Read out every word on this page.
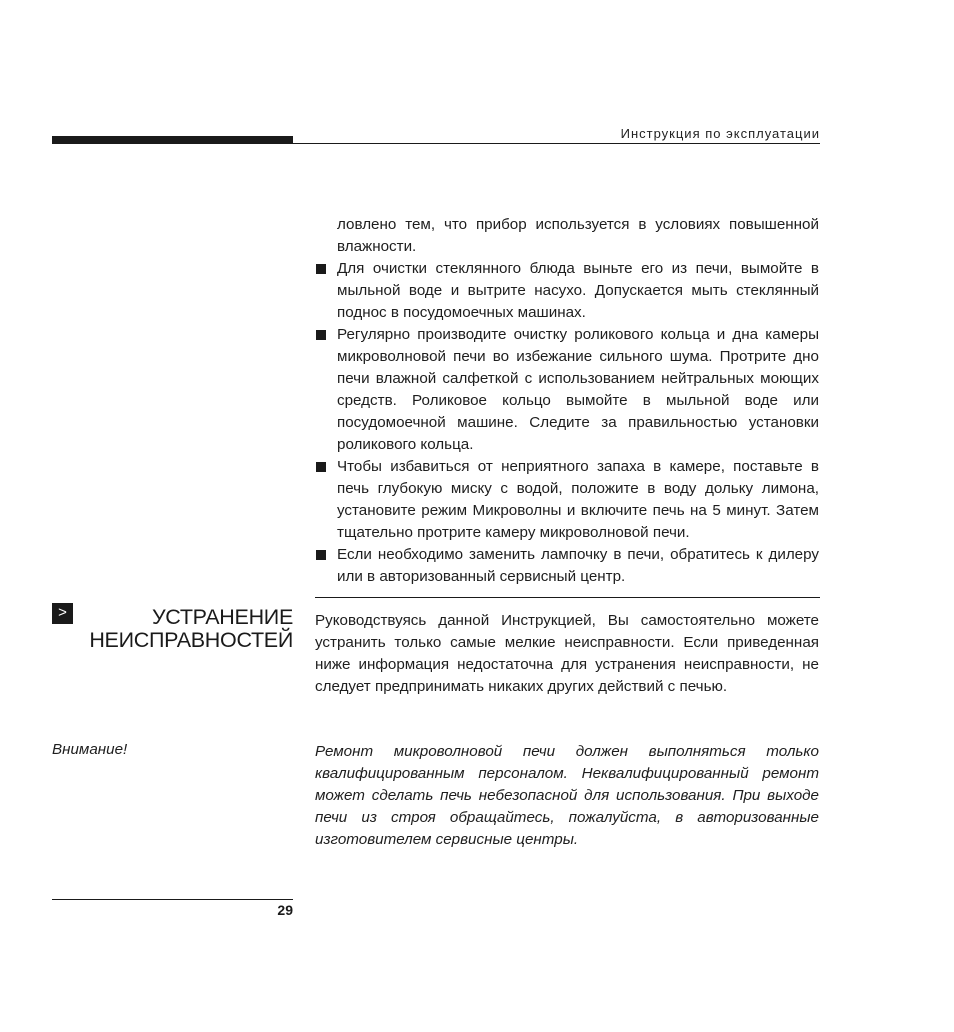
Инструкция по эксплуатации

ловлено тем, что прибор используется в условиях повышенной влажности.

Для очистки стеклянного блюда выньте его из печи, вымойте в мыльной воде и вытрите насухо. Допускается мыть стеклянный поднос в посудомоечных машинах.
Регулярно производите очистку роликового кольца и дна камеры микроволновой печи во избежание сильного шума. Протрите дно печи влажной салфеткой с использованием нейтральных моющих средств. Роликовое кольцо вымойте в мыльной воде или посудомоечной машине. Следите за правильностью установки роликового кольца.
Чтобы избавиться от неприятного запаха в камере, поставьте в печь глубокую миску с водой, положите в воду дольку лимона, установите режим Микроволны и включите печь на 5 минут. Затем тщательно протрите камеру микроволновой печи.
Если необходимо заменить лампочку в печи, обратитесь к дилеру или в авторизованный сервисный центр.
>	УСТРАНЕНИЕ
НЕИСПРАВНОСТЕЙ

Руководствуясь данной Инструкцией, Вы самостоятельно можете устранить только самые мелкие неисправности. Если приведенная ниже информация недостаточна для устранения неисправности, не следует предпринимать никаких других действий с печью.

Внимание!	Ремонт микроволновой печи должен выполняться только квалифицированным персоналом. Неквалифицированный ремонт может сделать печь небезопасной для использования. При выходе печи из строя обращайтесь, пожалуйста, в авторизованные изготовителем сервисные центры.

29
